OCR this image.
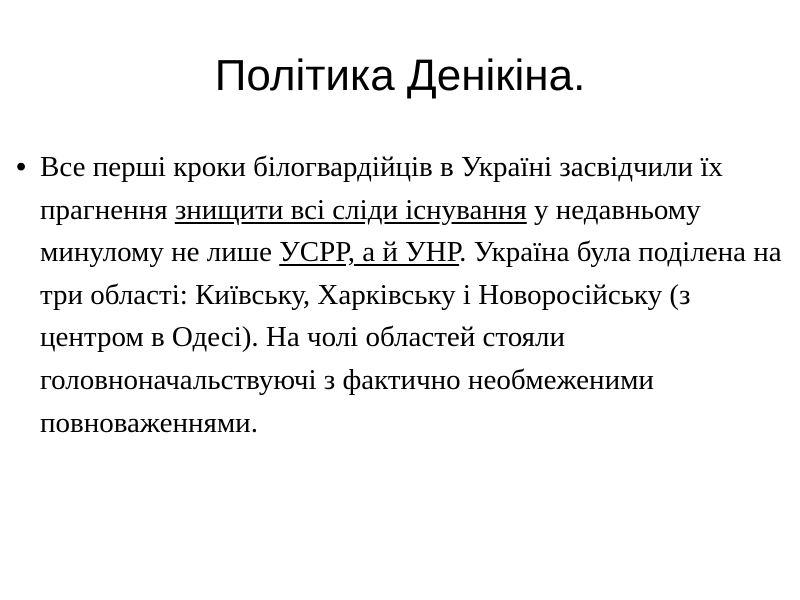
Політика Денікіна.
• Все перші кроки білогвардійців в Україні засвідчили їх прагнення знищити всі сліди існування у недавньому минулому не лише УСРР, а й УНР. Україна була поділена на три області: Київську, Харківську і Новоросійську (з центром в Одесі). На чолі областей стояли головноначальствуючі з фактично необмеженими повноваженнями.
